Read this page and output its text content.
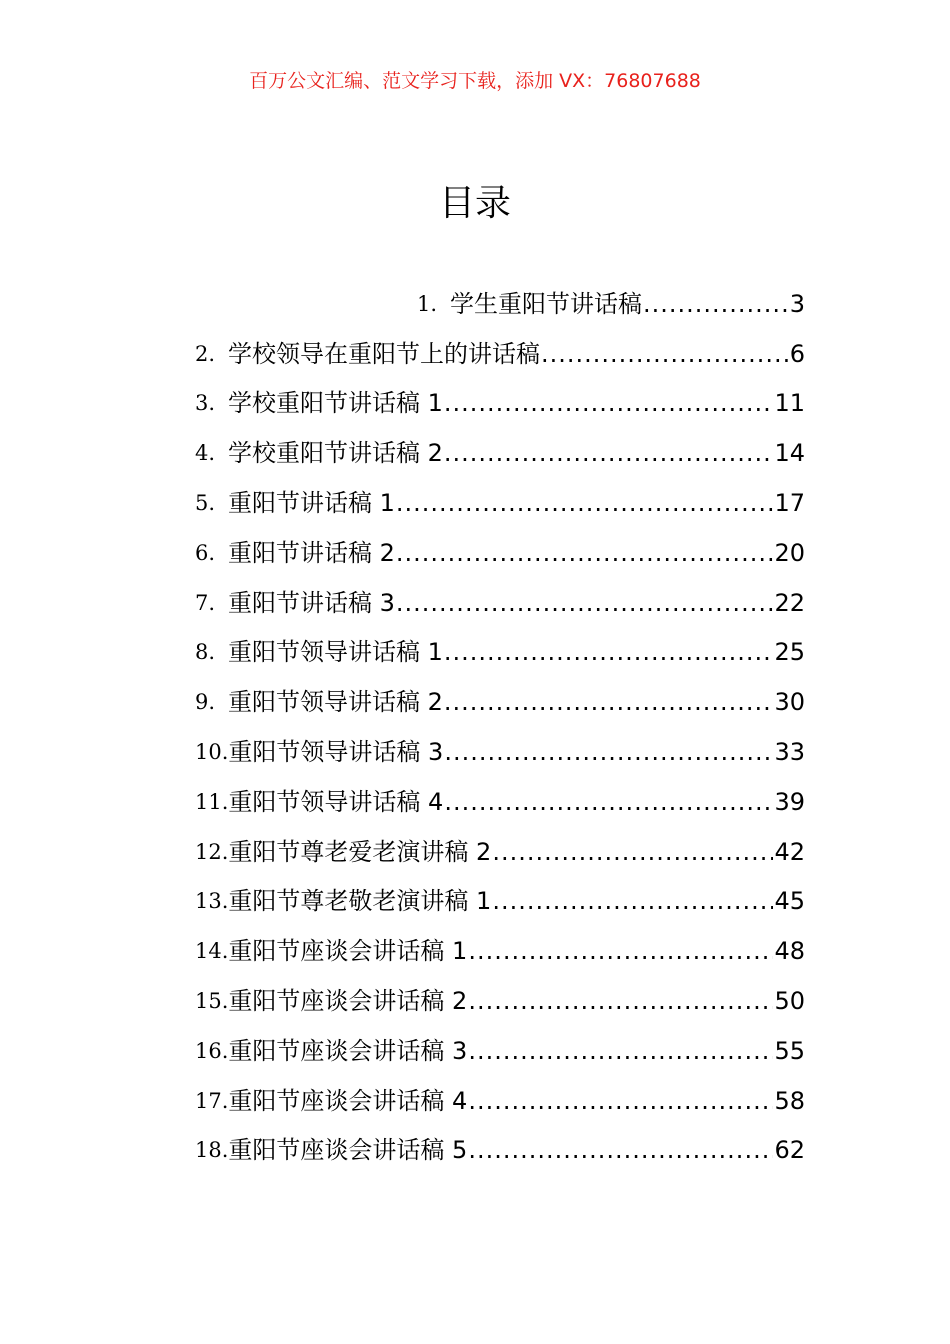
百万公文汇编、范文学习下载，添加 VX：76807688
目录
1. 学生重阳节讲话稿 .....	3
2. 学校领导在重阳节上的讲话稿 .....	6
3. 学校重阳节讲话稿 1 .....	11
4. 学校重阳节讲话稿 2 .....	14
5. 重阳节讲话稿 1 .....	17
6. 重阳节讲话稿 2 .....	20
7. 重阳节讲话稿 3 .....	22
8. 重阳节领导讲话稿 1 .....	25
9. 重阳节领导讲话稿 2 .....	30
10. 重阳节领导讲话稿 3 .....	33
11. 重阳节领导讲话稿 4 .....	39
12. 重阳节尊老爱老演讲稿 2 .....	42
13. 重阳节尊老敬老演讲稿 1 .....	45
14. 重阳节座谈会讲话稿 1 .....	48
15. 重阳节座谈会讲话稿 2 .....	50
16. 重阳节座谈会讲话稿 3 .....	55
17. 重阳节座谈会讲话稿 4 .....	58
18. 重阳节座谈会讲话稿 5 .....	62
